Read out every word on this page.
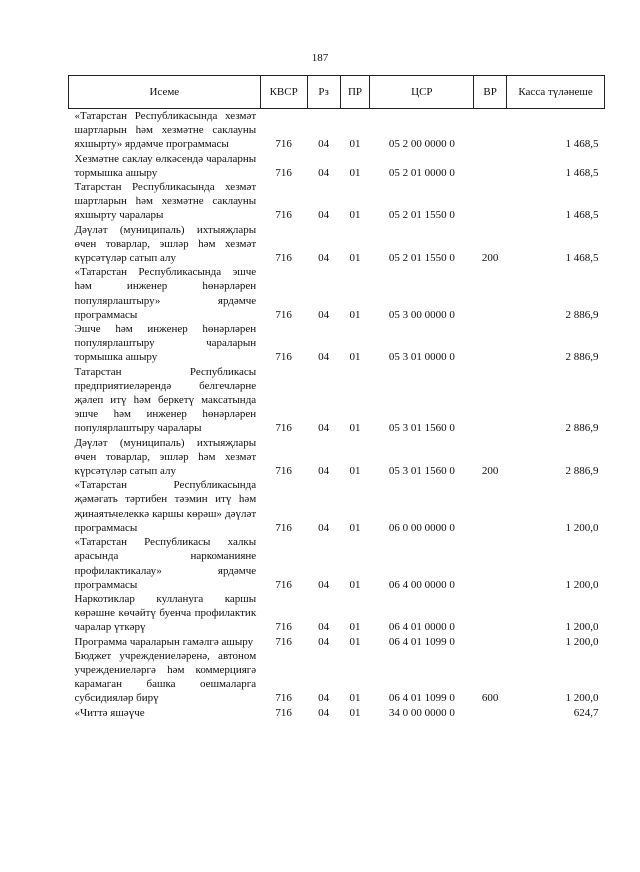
187
Исеме	КВСР	Рз	ПР	ЦСР	ВР	Касса түләнеше
«Татарстан Республикасында хезмәт шартларын һәм хезмәтне саклауны яхшырту» ярдәмче программасы	716	04	01	05 2 00 0000 0		1 468,5
Хезмәтне саклау өлкәсендә чараларны тормышка ашыру	716	04	01	05 2 01 0000 0		1 468,5
Татарстан Республикасында хезмәт шартларын һәм хезмәтне саклауны яхшырту чаралары	716	04	01	05 2 01 1550 0		1 468,5
Дәүләт (муниципаль) ихтыяҗлары өчен товарлар, эшләр һәм хезмәт күрсәтүләр сатып алу	716	04	01	05 2 01 1550 0	200	1 468,5
«Татарстан Республикасында эшче һәм инженер һөнәрләрен популярлаштыру» ярдәмче программасы	716	04	01	05 3 00 0000 0		2 886,9
Эшче һәм инженер һөнәрләрен популярлаштыру чараларын тормышка ашыру	716	04	01	05 3 01 0000 0		2 886,9
Татарстан Республикасы предприятиеләрендә белгечләрне җәлеп итү һәм беркетү максатында эшче һәм инженер һөнәрләрен популярлаштыру чаралары	716	04	01	05 3 01 1560 0		2 886,9
Дәүләт (муниципаль) ихтыяҗлары өчен товарлар, эшләр һәм хезмәт күрсәтүләр сатып алу	716	04	01	05 3 01 1560 0	200	2 886,9
«Татарстан Республикасында җәмәгать тәртибен тәэмин итү һәм җинаятьчелеккә каршы көрәш» дәүләт программасы	716	04	01	06 0 00 0000 0		1 200,0
«Татарстан Республикасы халкы арасында наркоманияне профилактикалау» ярдәмче программасы	716	04	01	06 4 00 0000 0		1 200,0
Наркотиклар куллануга каршы көрәшне көчәйтү буенча профилактик чаралар үткәрү	716	04	01	06 4 01 0000 0		1 200,0
Программа чараларын гамәлгә ашыру	716	04	01	06 4 01 1099 0		1 200,0
Бюджет учреждениеләренә, автоном учреждениеләргә һәм коммерциягә карамаган башка оешмаларга субсидияләр бирү	716	04	01	06 4 01 1099 0	600	1 200,0
«Читтә яшәүче	716	04	01	34 0 00 0000 0		624,7
